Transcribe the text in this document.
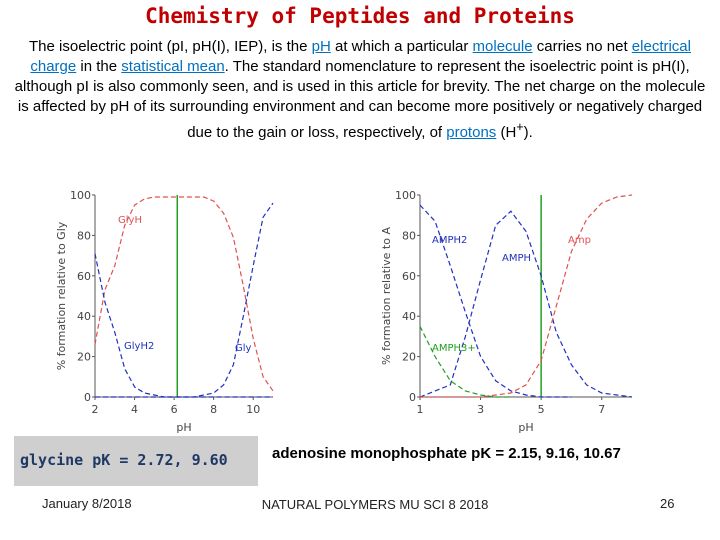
Chemistry of Peptides and Proteins
The isoelectric point (pI, pH(I), IEP), is the pH at which a particular molecule carries no net electrical charge in the statistical mean. The standard nomenclature to represent the isoelectric point is pH(I), although pI is also commonly seen, and is used in this article for brevity. The net charge on the molecule is affected by pH of its surrounding environment and can become more positively or negatively charged due to the gain or loss, respectively, of protons (H+).
0
20
40
60
80
100
2	4	6	8	10
pH
% formation relative to Gly
GlyH
GlyH2	Gly
0
20
40
60
80
100
1	3	5	7
pH
% formation relative to A	AMPH2
AMPH
Amp
AMPH3+
glycine pK = 2.72, 9.60	adenosine monophosphate pK = 2.15, 9.16, 10.67
January 8/2018	NATURAL POLYMERS MU SCI 8 2018	26
